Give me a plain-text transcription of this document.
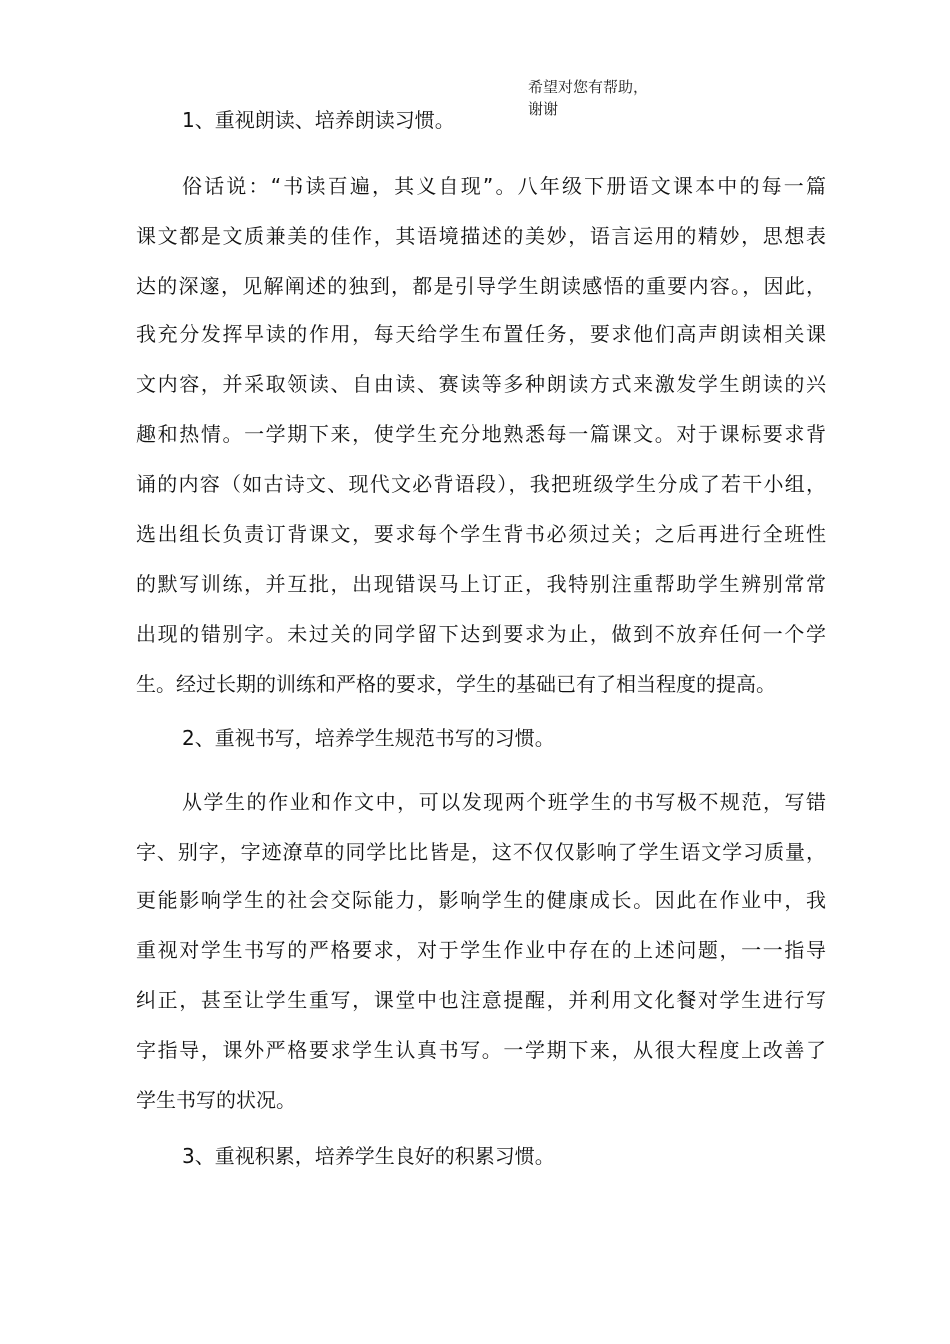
希望对您有帮助，
谢谢
1、重视朗读、培养朗读习惯。
俗话说：“书读百遍，其义自现”。八年级下册语文课本中的每一篇
课文都是文质兼美的佳作，其语境描述的美妙，语言运用的精妙，思想表
达的深邃，见解阐述的独到，都是引导学生朗读感悟的重要内容。，因此，
我充分发挥早读的作用，每天给学生布置任务，要求他们高声朗读相关课
文内容，并采取领读、自由读、赛读等多种朗读方式来激发学生朗读的兴
趣和热情。一学期下来，使学生充分地熟悉每一篇课文。对于课标要求背
诵的内容（如古诗文、现代文必背语段），我把班级学生分成了若干小组，
选出组长负责订背课文，要求每个学生背书必须过关；之后再进行全班性
的默写训练，并互批，出现错误马上订正，我特别注重帮助学生辨别常常
出现的错别字。未过关的同学留下达到要求为止，做到不放弃任何一个学
生。经过长期的训练和严格的要求，学生的基础已有了相当程度的提高。
2、重视书写，培养学生规范书写的习惯。
从学生的作业和作文中，可以发现两个班学生的书写极不规范，写错
字、别字，字迹潦草的同学比比皆是，这不仅仅影响了学生语文学习质量，
更能影响学生的社会交际能力，影响学生的健康成长。因此在作业中，我
重视对学生书写的严格要求，对于学生作业中存在的上述问题，一一指导
纠正，甚至让学生重写，课堂中也注意提醒，并利用文化餐对学生进行写
字指导，课外严格要求学生认真书写。一学期下来，从很大程度上改善了
学生书写的状况。
3、重视积累，培养学生良好的积累习惯。
